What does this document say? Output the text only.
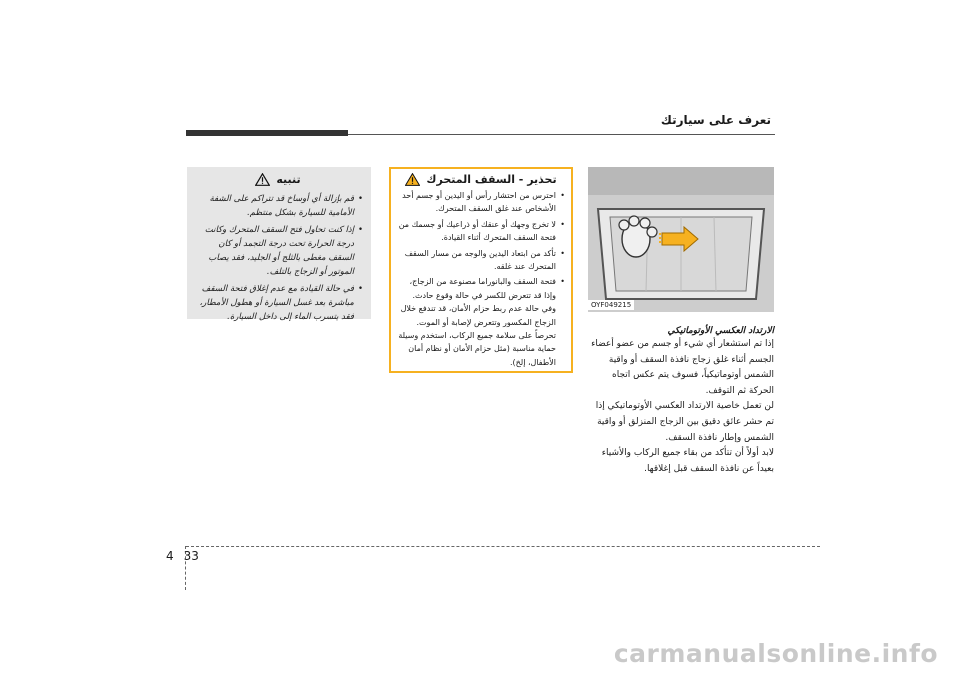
تعرف على سيارتك
تنبيه
• قم بإزالة أي أوساخ قد تتراكم على الشفة الأمامية للسيارة بشكل منتظم.
• إذا كنت تحاول فتح السقف المتحرك وكانت درجة الحرارة تحت درجة التجمد أو كان السقف مغطى بالثلج أو الجليد، فقد يصاب الموتور أو الزجاج بالتلف.
• في حالة القيادة مع عدم إغلاق فتحة السقف مباشرة بعد غسل السيارة أو هطول الأمطار، فقد يتسرب الماء إلى داخل السيارة.
تحذير - السقف المتحرك
• احترس من احتشار رأس أو اليدين أو جسم أحد الأشخاص عند غلق السقف المتحرك.
• لا تخرج وجهك أو عنقك أو ذراعيك أو جسمك من فتحة السقف المتحرك أثناء القيادة.
• تأكد من ابتعاد اليدين والوجه من مسار السقف المتحرك عند غلقه.
• فتحة السقف والبانوراما مصنوعة من الزجاج، وإذا قد تتعرض للكسر في حالة وقوع حادث. وفي حالة عدم ربط حزام الأمان، قد تندفع خلال الزجاج المكسور وتتعرض لإصابة أو الموت. تحرصاً على سلامة جميع الركاب، استخدم وسيلة حماية مناسبة (مثل حزام الأمان أو نظام أمان الأطفال، إلخ).
OYF049215
الارتداد العكسي الأوتوماتيكي

إذا تم استشعار أي شيء أو جسم من عضو أعضاء الجسم أثناء غلق زجاج نافذة السقف أو واقية الشمس أوتوماتيكياً، فسوف يتم عكس اتجاه الحركة ثم التوقف.

لن تعمل خاصية الارتداد العكسي الأوتوماتيكي إذا تم حشر عائق دقيق بين الزجاج المنزلق أو واقية الشمس وإطار نافذة السقف.

لابد أولاً أن تتأكد من بقاء جميع الركاب والأشياء بعيداً عن نافذة السقف قبل إغلاقها.

4 33
carmanualsonline.info
